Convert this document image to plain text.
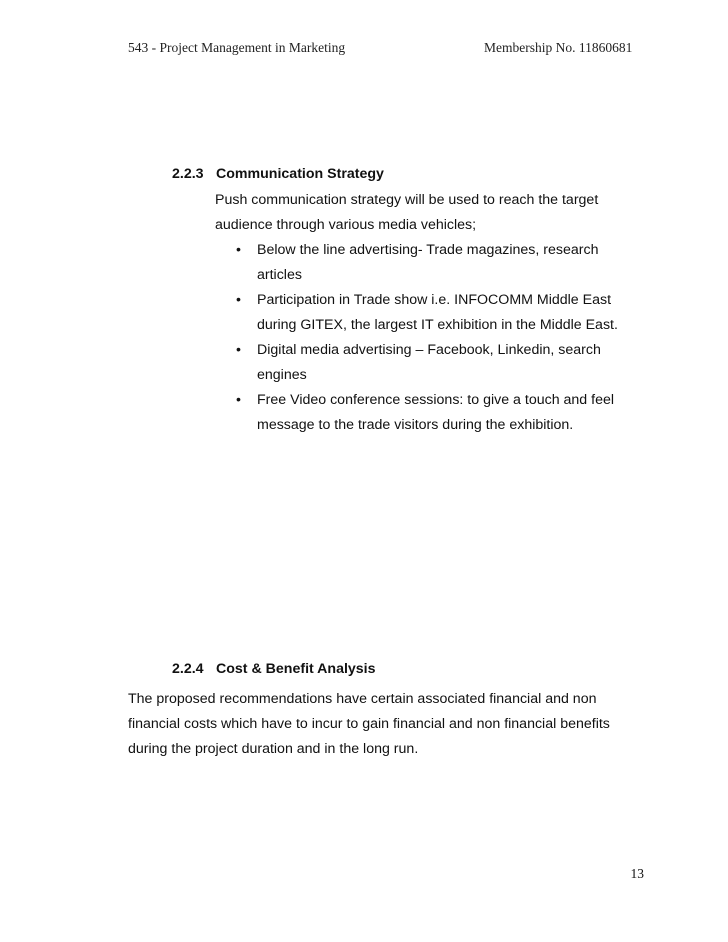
543 - Project Management in Marketing	Membership No. 11860681
2.2.3 Communication Strategy
Push communication strategy will be used to reach the target audience through various media vehicles;
• Below the line advertising- Trade magazines, research articles
• Participation in Trade show i.e. INFOCOMM Middle East during GITEX, the largest IT exhibition in the Middle East.
• Digital media advertising – Facebook, Linkedin, search engines
• Free Video conference sessions: to give a touch and feel message to the trade visitors during the exhibition.
2.2.4 Cost & Benefit Analysis
The proposed recommendations have certain associated financial and non financial costs which have to incur to gain financial and non financial benefits during the project duration and in the long run.
13
